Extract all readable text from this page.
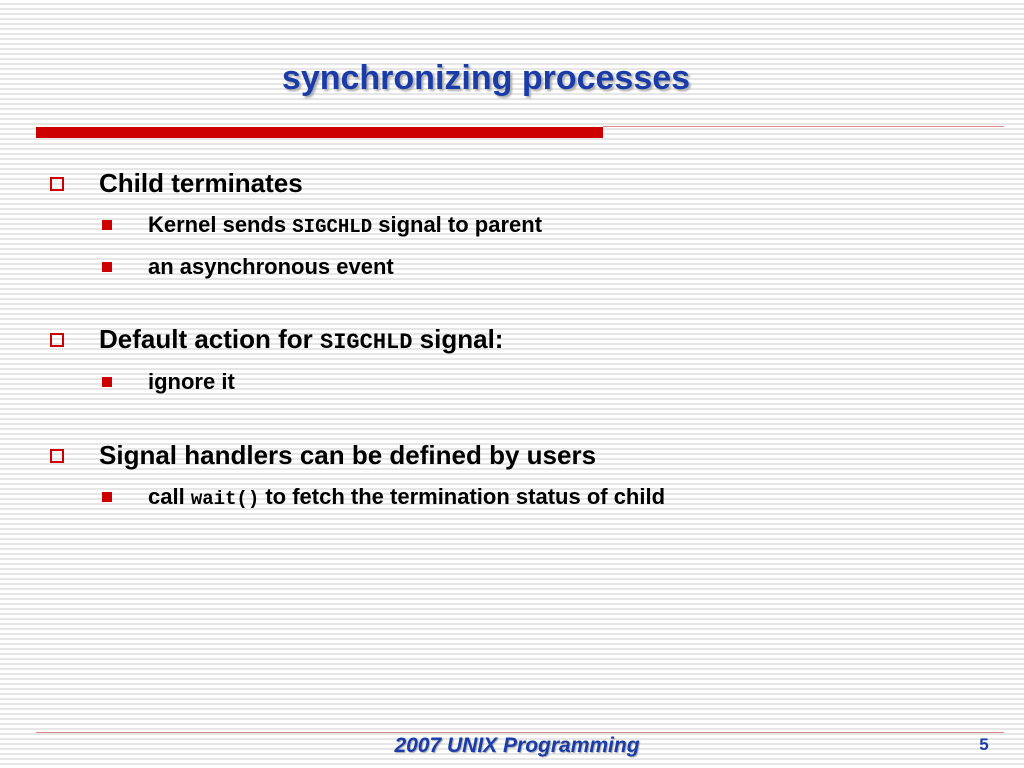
synchronizing processes
Child terminates
Kernel sends SIGCHLD signal to parent
an asynchronous event
Default action for SIGCHLD signal:
ignore it
Signal handlers can be defined by users
call wait() to fetch the termination status of child
2007 UNIX Programming	5
